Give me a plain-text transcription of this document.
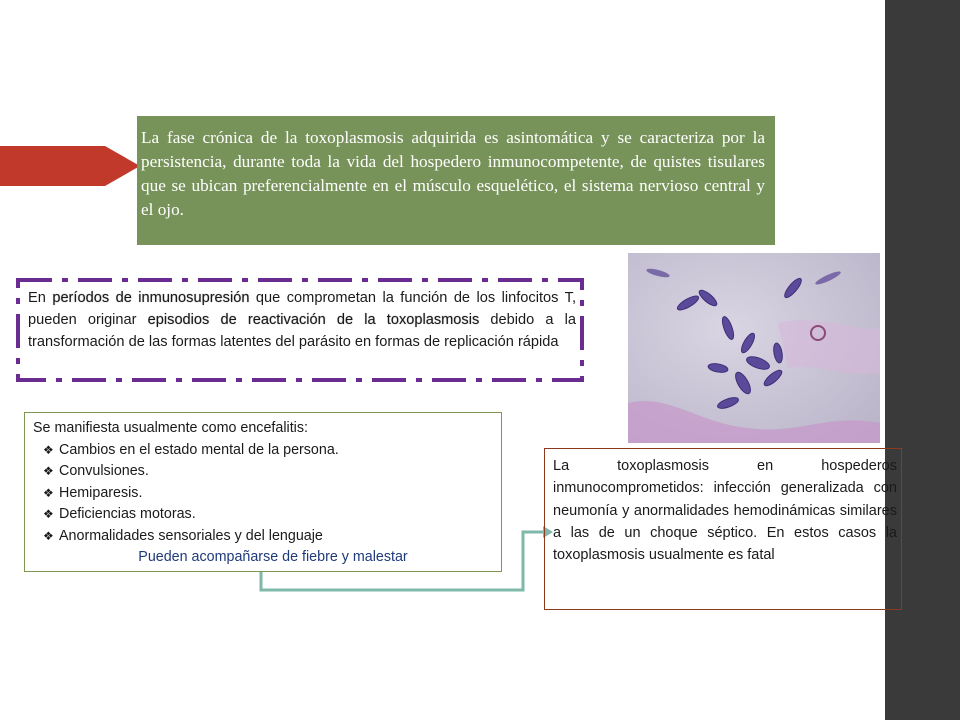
La fase crónica de la toxoplasmosis adquirida es asintomática y se caracteriza por la persistencia, durante toda la vida del hospedero inmunocompetente, de quistes tisulares que se ubican preferencialmente en el músculo esquelético, el sistema nervioso central y el ojo.
En períodos de inmunosupresión que comprometan la función de los linfocitos T, pueden originar episodios de reactivación de la toxoplasmosis debido a la transformación de las formas latentes del parásito en formas de replicación rápida
Se manifiesta usualmente como encefalitis:
❖ Cambios en el estado mental de la persona.
❖ Convulsiones.
❖ Hemiparesis.
❖ Deficiencias motoras.
❖ Anormalidades sensoriales y del lenguaje
Pueden acompañarse de fiebre y malestar
La toxoplasmosis en hospederos inmunocomprometidos: infección generalizada con neumonía y anormalidades hemodinámicas similares a las de un choque séptico. En estos casos la toxoplasmosis usualmente es fatal
